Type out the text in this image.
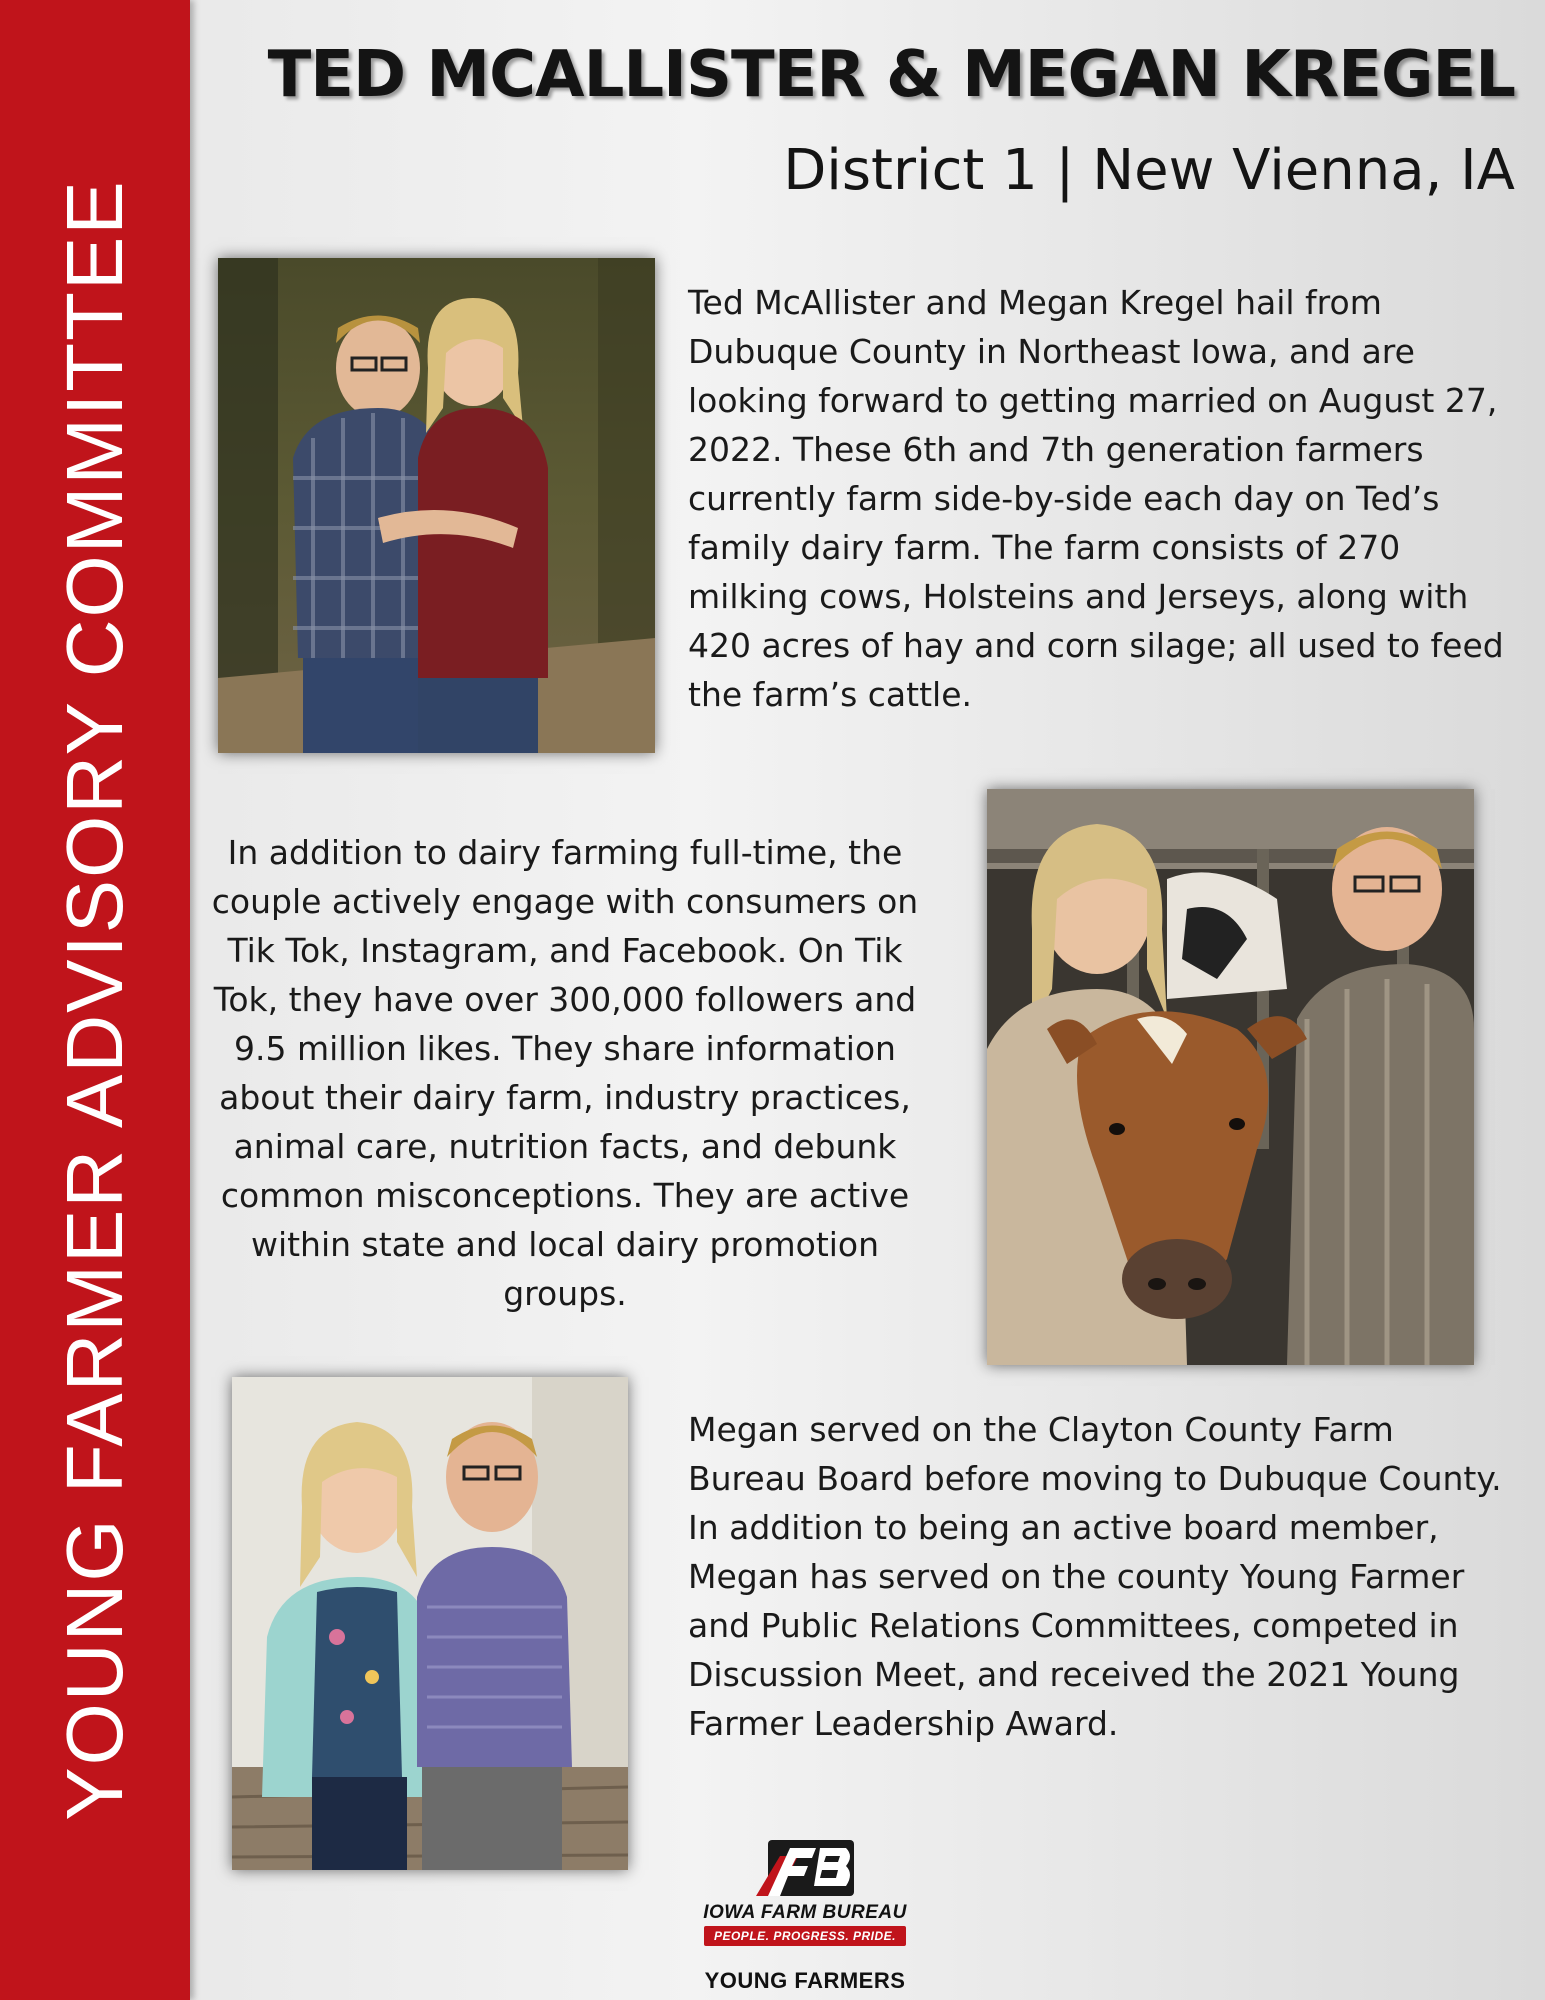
YOUNG FARMER ADVISORY COMMITTEE
TED MCALLISTER & MEGAN KREGEL
District 1 | New Vienna, IA
Ted McAllister and Megan Kregel hail from Dubuque County in Northeast Iowa, and are looking forward to getting married on August 27, 2022. These 6th and 7th generation farmers currently farm side-by-side each day on Ted’s family dairy farm. The farm consists of 270 milking cows, Holsteins and Jerseys, along with 420 acres of hay and corn silage; all used to feed the farm’s cattle.
In addition to dairy farming full-time, the couple actively engage with consumers on Tik Tok, Instagram, and Facebook. On Tik Tok, they have over 300,000 followers and 9.5 million likes. They share information about their dairy farm, industry practices, animal care, nutrition facts, and debunk common misconceptions. They are active within state and local dairy promotion groups.
Megan served on the Clayton County Farm Bureau Board before moving to Dubuque County. In addition to being an active board member, Megan has served on the county Young Farmer and Public Relations Committees, competed in Discussion Meet, and received the 2021 Young Farmer Leadership Award.
IOWA FARM BUREAU
PEOPLE. PROGRESS. PRIDE.
YOUNG FARMERS
